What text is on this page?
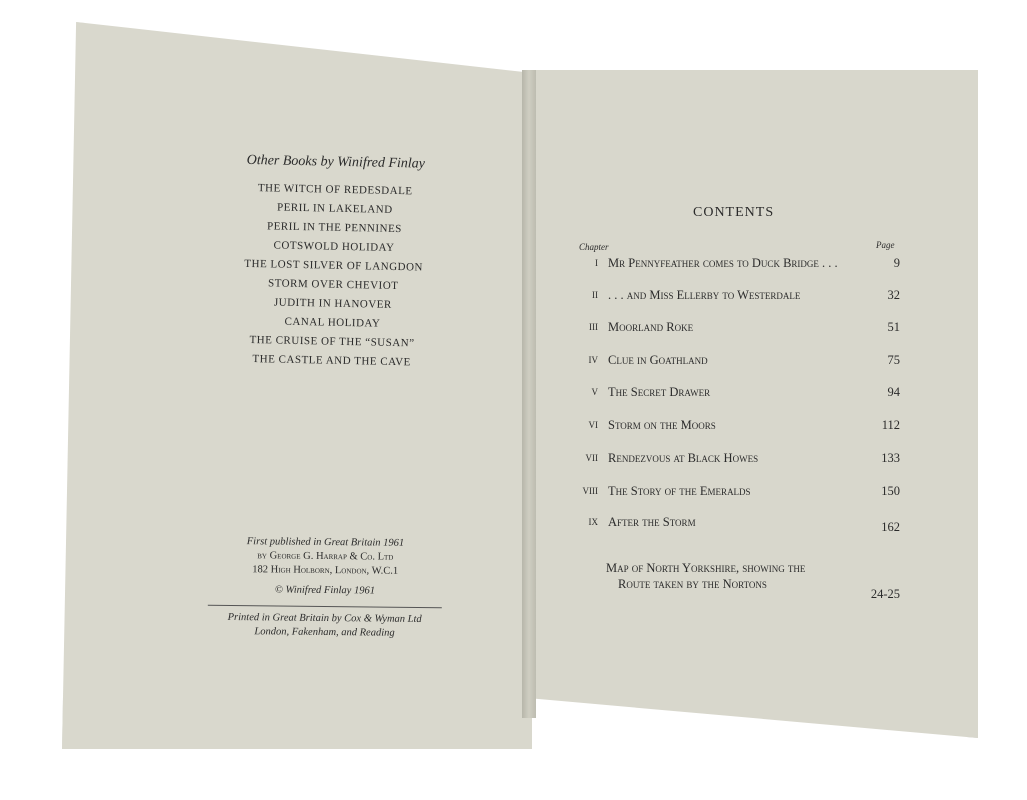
Other Books by Winifred Finlay
THE WITCH OF REDESDALE
PERIL IN LAKELAND
PERIL IN THE PENNINES
COTSWOLD HOLIDAY
THE LOST SILVER OF LANGDON
STORM OVER CHEVIOT
JUDITH IN HANOVER
CANAL HOLIDAY
THE CRUISE OF THE “SUSAN”
THE CASTLE AND THE CAVE
First published in Great Britain 1961
by George G. Harrap & Co. Ltd
182 High Holborn, London, W.C.1
© Winifred Finlay 1961
Printed in Great Britain by Cox & Wyman Ltd
London, Fakenham, and Reading
CONTENTS
Chapter	Page
I Mr Pennyfeather comes to Duck Bridge . . .	9
II . . . and Miss Ellerby to Westerdale	32
III Moorland Roke	51
IV Clue in Goathland	75
V The Secret Drawer	94
VI Storm on the Moors	112
VII Rendezvous at Black Howes	133
VIII The Story of the Emeralds	150
IX After the Storm	162
Map of North Yorkshire, showing the
Route taken by the Nortons
24-25
